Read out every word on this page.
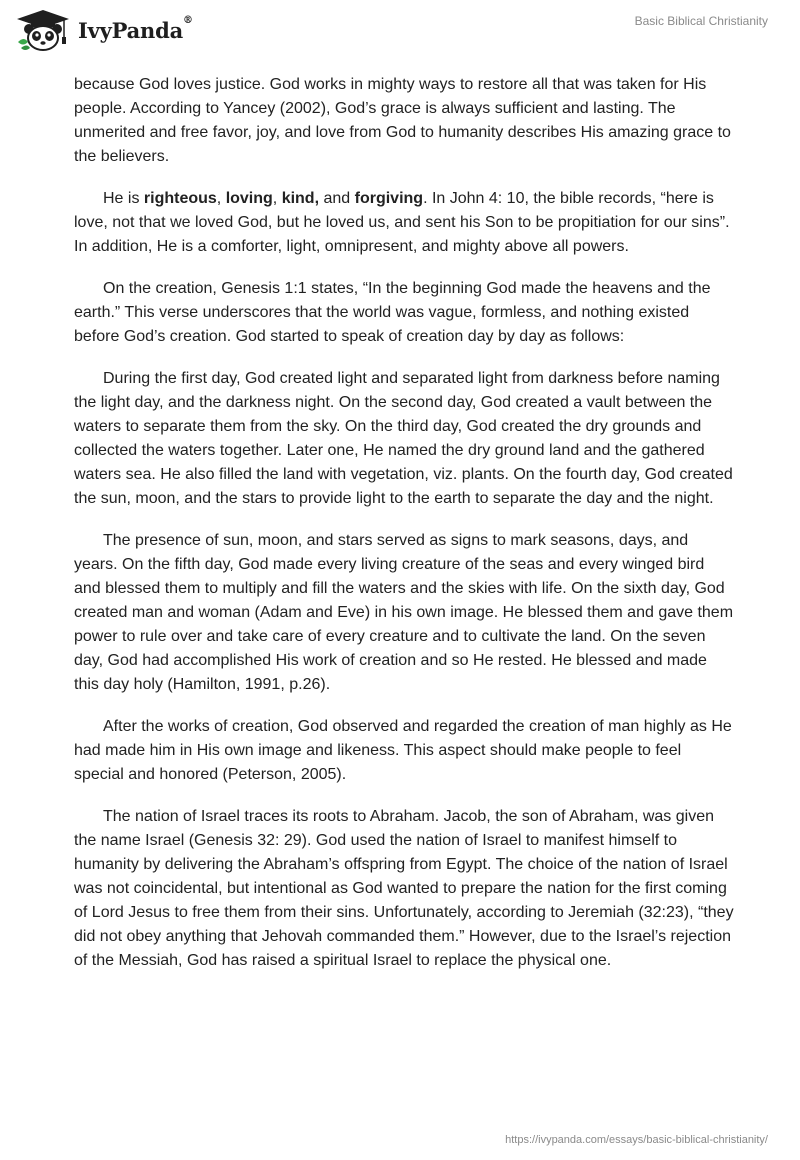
IvyPanda®	Basic Biblical Christianity

because God loves justice. God works in mighty ways to restore all that was taken for His people. According to Yancey (2002), God’s grace is always sufficient and lasting. The unmerited and free favor, joy, and love from God to humanity describes His amazing grace to the believers.

He is righteous, loving, kind, and forgiving. In John 4: 10, the bible records, “here is love, not that we loved God, but he loved us, and sent his Son to be propitiation for our sins”. In addition, He is a comforter, light, omnipresent, and mighty above all powers.

On the creation, Genesis 1:1 states, “In the beginning God made the heavens and the earth.” This verse underscores that the world was vague, formless, and nothing existed before God’s creation. God started to speak of creation day by day as follows:

During the first day, God created light and separated light from darkness before naming the light day, and the darkness night. On the second day, God created a vault between the waters to separate them from the sky. On the third day, God created the dry grounds and collected the waters together. Later one, He named the dry ground land and the gathered waters sea. He also filled the land with vegetation, viz. plants. On the fourth day, God created the sun, moon, and the stars to provide light to the earth to separate the day and the night.

The presence of sun, moon, and stars served as signs to mark seasons, days, and years. On the fifth day, God made every living creature of the seas and every winged bird and blessed them to multiply and fill the waters and the skies with life. On the sixth day, God created man and woman (Adam and Eve) in his own image. He blessed them and gave them power to rule over and take care of every creature and to cultivate the land. On the seven day, God had accomplished His work of creation and so He rested. He blessed and made this day holy (Hamilton, 1991, p.26).

After the works of creation, God observed and regarded the creation of man highly as He had made him in His own image and likeness. This aspect should make people to feel special and honored (Peterson, 2005).

The nation of Israel traces its roots to Abraham. Jacob, the son of Abraham, was given the name Israel (Genesis 32: 29). God used the nation of Israel to manifest himself to humanity by delivering the Abraham’s offspring from Egypt. The choice of the nation of Israel was not coincidental, but intentional as God wanted to prepare the nation for the first coming of Lord Jesus to free them from their sins. Unfortunately, according to Jeremiah (32:23), “they did not obey anything that Jehovah commanded them.” However, due to the Israel’s rejection of the Messiah, God has raised a spiritual Israel to replace the physical one.

https://ivypanda.com/essays/basic-biblical-christianity/
